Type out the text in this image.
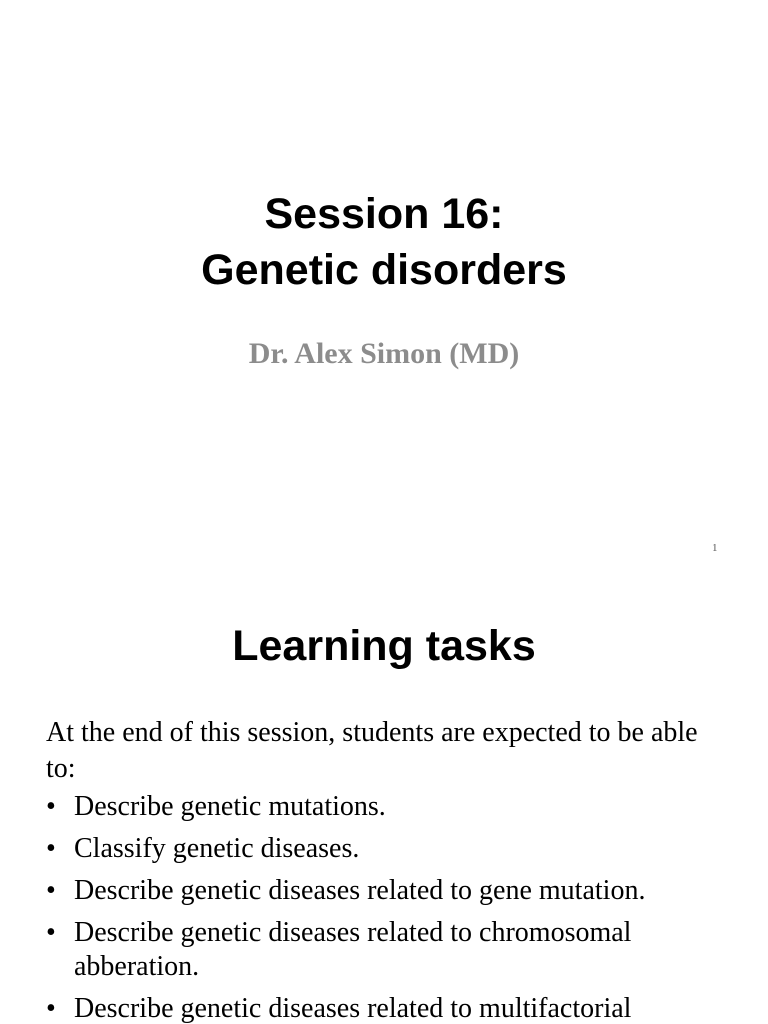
Session 16:
Genetic disorders
Dr. Alex Simon (MD)
1
Learning tasks
At the end of this session, students are expected to be able to:
• Describe genetic mutations.
• Classify genetic diseases.
• Describe genetic diseases related to gene mutation.
• Describe genetic diseases related to chromosomal abberation.
• Describe genetic diseases related to multifactorial
